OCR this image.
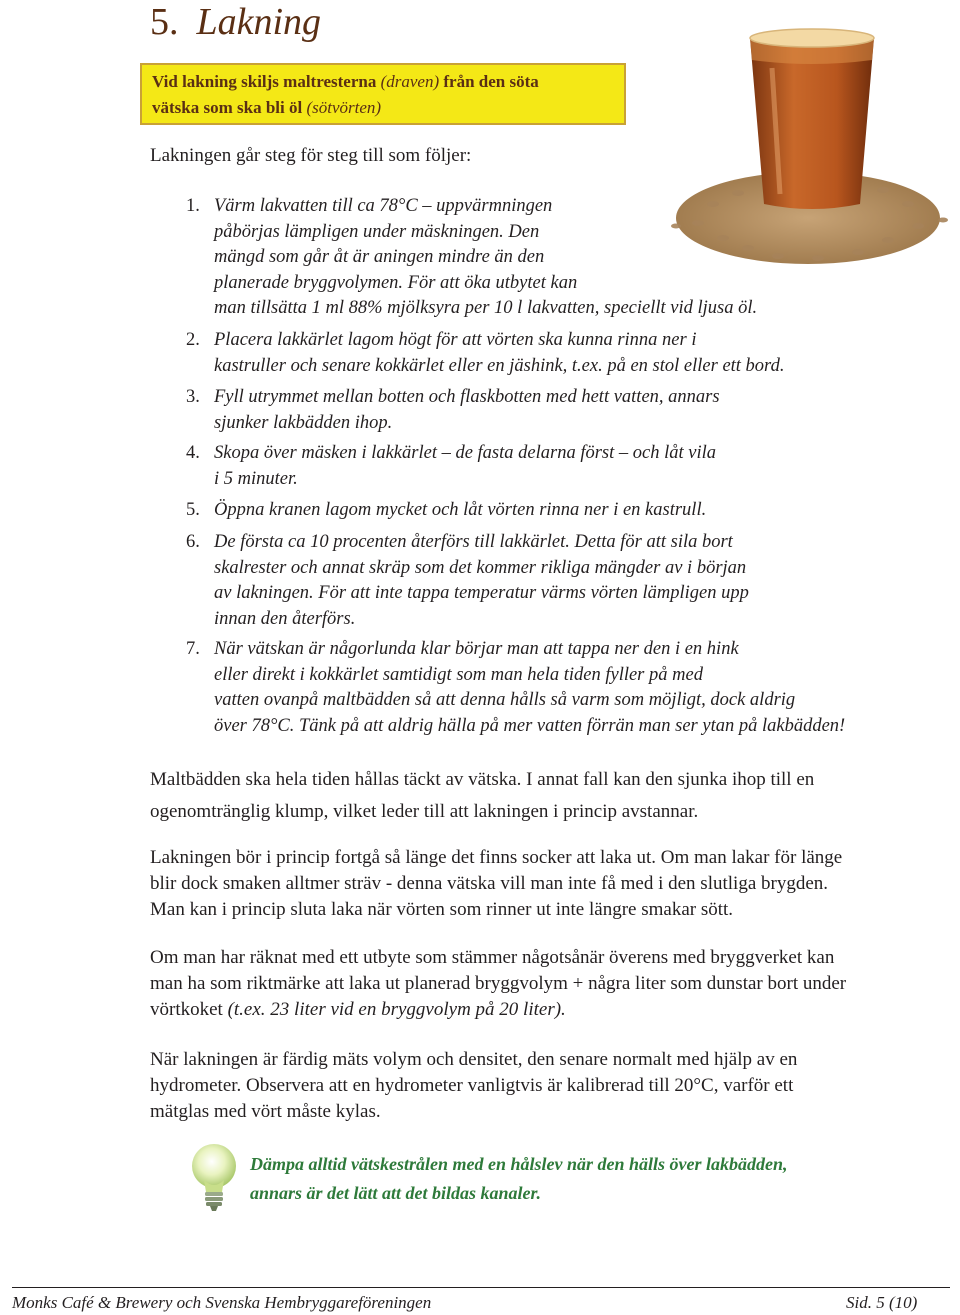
5. Lakning
Vid lakning skiljs maltresterna (draven) från den söta
vätska som ska bli öl (sötvörten)
Lakningen går steg för steg till som följer:
1. Värm lakvatten till ca 78°C – uppvärmningen
påbörjas lämpligen under mäskningen. Den
mängd som går åt är aningen mindre än den
planerade bryggvolymen. För att öka utbytet kan
man tillsätta 1 ml 88% mjölksyra per 10 l lakvatten, speciellt vid ljusa öl.
2. Placera lakkärlet lagom högt för att vörten ska kunna rinna ner i
kastruller och senare kokkärlet eller en jäshink, t.ex. på en stol eller ett bord.
3. Fyll utrymmet mellan botten och flaskbotten med hett vatten, annars
sjunker lakbädden ihop.
4. Skopa över mäsken i lakkärlet – de fasta delarna först – och låt vila
i 5 minuter.
5. Öppna kranen lagom mycket och låt vörten rinna ner i en kastrull.
6. De första ca 10 procenten återförs till lakkärlet. Detta för att sila bort
skalrester och annat skräp som det kommer rikliga mängder av i början
av lakningen. För att inte tappa temperatur värms vörten lämpligen upp
innan den återförs.
7. När vätskan är någorlunda klar börjar man att tappa ner den i en hink
eller direkt i kokkärlet samtidigt som man hela tiden fyller på med
vatten ovanpå maltbädden så att denna hålls så varm som möjligt, dock aldrig
över 78°C. Tänk på att aldrig hälla på mer vatten förrän man ser ytan på lakbädden!
Maltbädden ska hela tiden hållas täckt av vätska. I annat fall kan den sjunka ihop till en
ogenomtränglig klump, vilket leder till att lakningen i princip avstannar.
Lakningen bör i princip fortgå så länge det finns socker att laka ut. Om man lakar för länge
blir dock smaken alltmer sträv - denna vätska vill man inte få med i den slutliga brygden.
Man kan i princip sluta laka när vörten som rinner ut inte längre smakar sött.
Om man har räknat med ett utbyte som stämmer någotsånär överens med bryggverket kan
man ha som riktmärke att laka ut planerad bryggvolym + några liter som dunstar bort under
vörtkoket (t.ex. 23 liter vid en bryggvolym på 20 liter).
När lakningen är färdig mäts volym och densitet, den senare normalt med hjälp av en
hydrometer. Observera att en hydrometer vanligtvis är kalibrerad till 20°C, varför ett
mätglas med vört måste kylas.
Dämpa alltid vätskestrålen med en hålslev när den hälls över lakbädden,
annars är det lätt att det bildas kanaler.
Monks Café & Brewery och Svenska Hembryggareföreningen	Sid. 5 (10)
